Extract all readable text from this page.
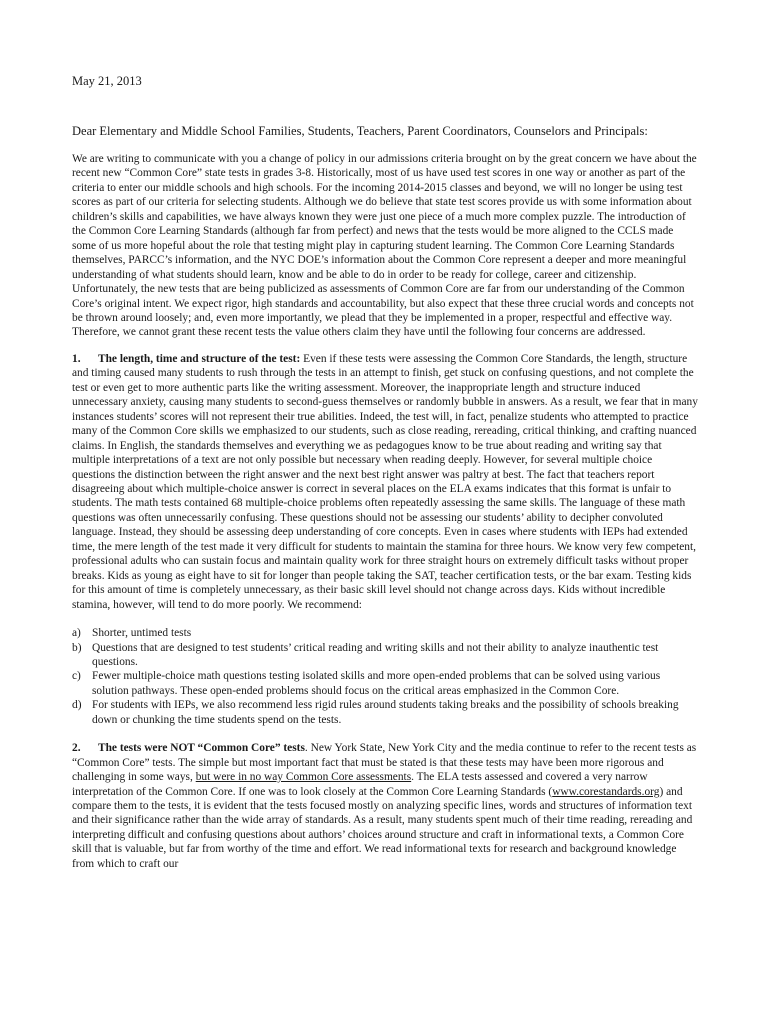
May 21, 2013
Dear Elementary and Middle School Families, Students, Teachers, Parent Coordinators, Counselors and Principals:

We are writing to communicate with you a change of policy in our admissions criteria brought on by the great concern we have about the recent new “Common Core” state tests in grades 3-8. Historically, most of us have used test scores in one way or another as part of the criteria to enter our middle schools and high schools. For the incoming 2014-2015 classes and beyond, we will no longer be using test scores as part of our criteria for selecting students. Although we do believe that state test scores provide us with some information about children’s skills and capabilities, we have always known they were just one piece of a much more complex puzzle. The introduction of the Common Core Learning Standards (although far from perfect) and news that the tests would be more aligned to the CCLS made some of us more hopeful about the role that testing might play in capturing student learning. The Common Core Learning Standards themselves, PARCC’s information, and the NYC DOE’s information about the Common Core represent a deeper and more meaningful understanding of what students should learn, know and be able to do in order to be ready for college, career and citizenship. Unfortunately, the new tests that are being publicized as assessments of Common Core are far from our understanding of the Common Core’s original intent. We expect rigor, high standards and accountability, but also expect that these three crucial words and concepts not be thrown around loosely; and, even more importantly, we plead that they be implemented in a proper, respectful and effective way. Therefore, we cannot grant these recent tests the value others claim they have until the following four concerns are addressed.

1. The length, time and structure of the test: Even if these tests were assessing the Common Core Standards, the length, structure and timing caused many students to rush through the tests in an attempt to finish, get stuck on confusing questions, and not complete the test or even get to more authentic parts like the writing assessment. Moreover, the inappropriate length and structure induced unnecessary anxiety, causing many students to second-guess themselves or randomly bubble in answers. As a result, we fear that in many instances students’ scores will not represent their true abilities. Indeed, the test will, in fact, penalize students who attempted to practice many of the Common Core skills we emphasized to our students, such as close reading, rereading, critical thinking, and crafting nuanced claims. In English, the standards themselves and everything we as pedagogues know to be true about reading and writing say that multiple interpretations of a text are not only possible but necessary when reading deeply. However, for several multiple choice questions the distinction between the right answer and the next best right answer was paltry at best. The fact that teachers report disagreeing about which multiple-choice answer is correct in several places on the ELA exams indicates that this format is unfair to students. The math tests contained 68 multiple-choice problems often repeatedly assessing the same skills. The language of these math questions was often unnecessarily confusing. These questions should not be assessing our students’ ability to decipher convoluted language. Instead, they should be assessing deep understanding of core concepts. Even in cases where students with IEPs had extended time, the mere length of the test made it very difficult for students to maintain the stamina for three hours. We know very few competent, professional adults who can sustain focus and maintain quality work for three straight hours on extremely difficult tasks without proper breaks. Kids as young as eight have to sit for longer than people taking the SAT, teacher certification tests, or the bar exam. Testing kids for this amount of time is completely unnecessary, as their basic skill level should not change across days. Kids without incredible stamina, however, will tend to do more poorly. We recommend:

a) Shorter, untimed tests
b) Questions that are designed to test students’ critical reading and writing skills and not their ability to analyze inauthentic test questions.
c) Fewer multiple-choice math questions testing isolated skills and more open-ended problems that can be solved using various solution pathways. These open-ended problems should focus on the critical areas emphasized in the Common Core.
d) For students with IEPs, we also recommend less rigid rules around students taking breaks and the possibility of schools breaking down or chunking the time students spend on the tests.

2. The tests were NOT “Common Core” tests. New York State, New York City and the media continue to refer to the recent tests as “Common Core” tests. The simple but most important fact that must be stated is that these tests may have been more rigorous and challenging in some ways, but were in no way Common Core assessments. The ELA tests assessed and covered a very narrow interpretation of the Common Core. If one was to look closely at the Common Core Learning Standards (www.corestandards.org) and compare them to the tests, it is evident that the tests focused mostly on analyzing specific lines, words and structures of information text and their significance rather than the wide array of standards. As a result, many students spent much of their time reading, rereading and interpreting difficult and confusing questions about authors’ choices around structure and craft in informational texts, a Common Core skill that is valuable, but far from worthy of the time and effort. We read informational texts for research and background knowledge from which to craft our
